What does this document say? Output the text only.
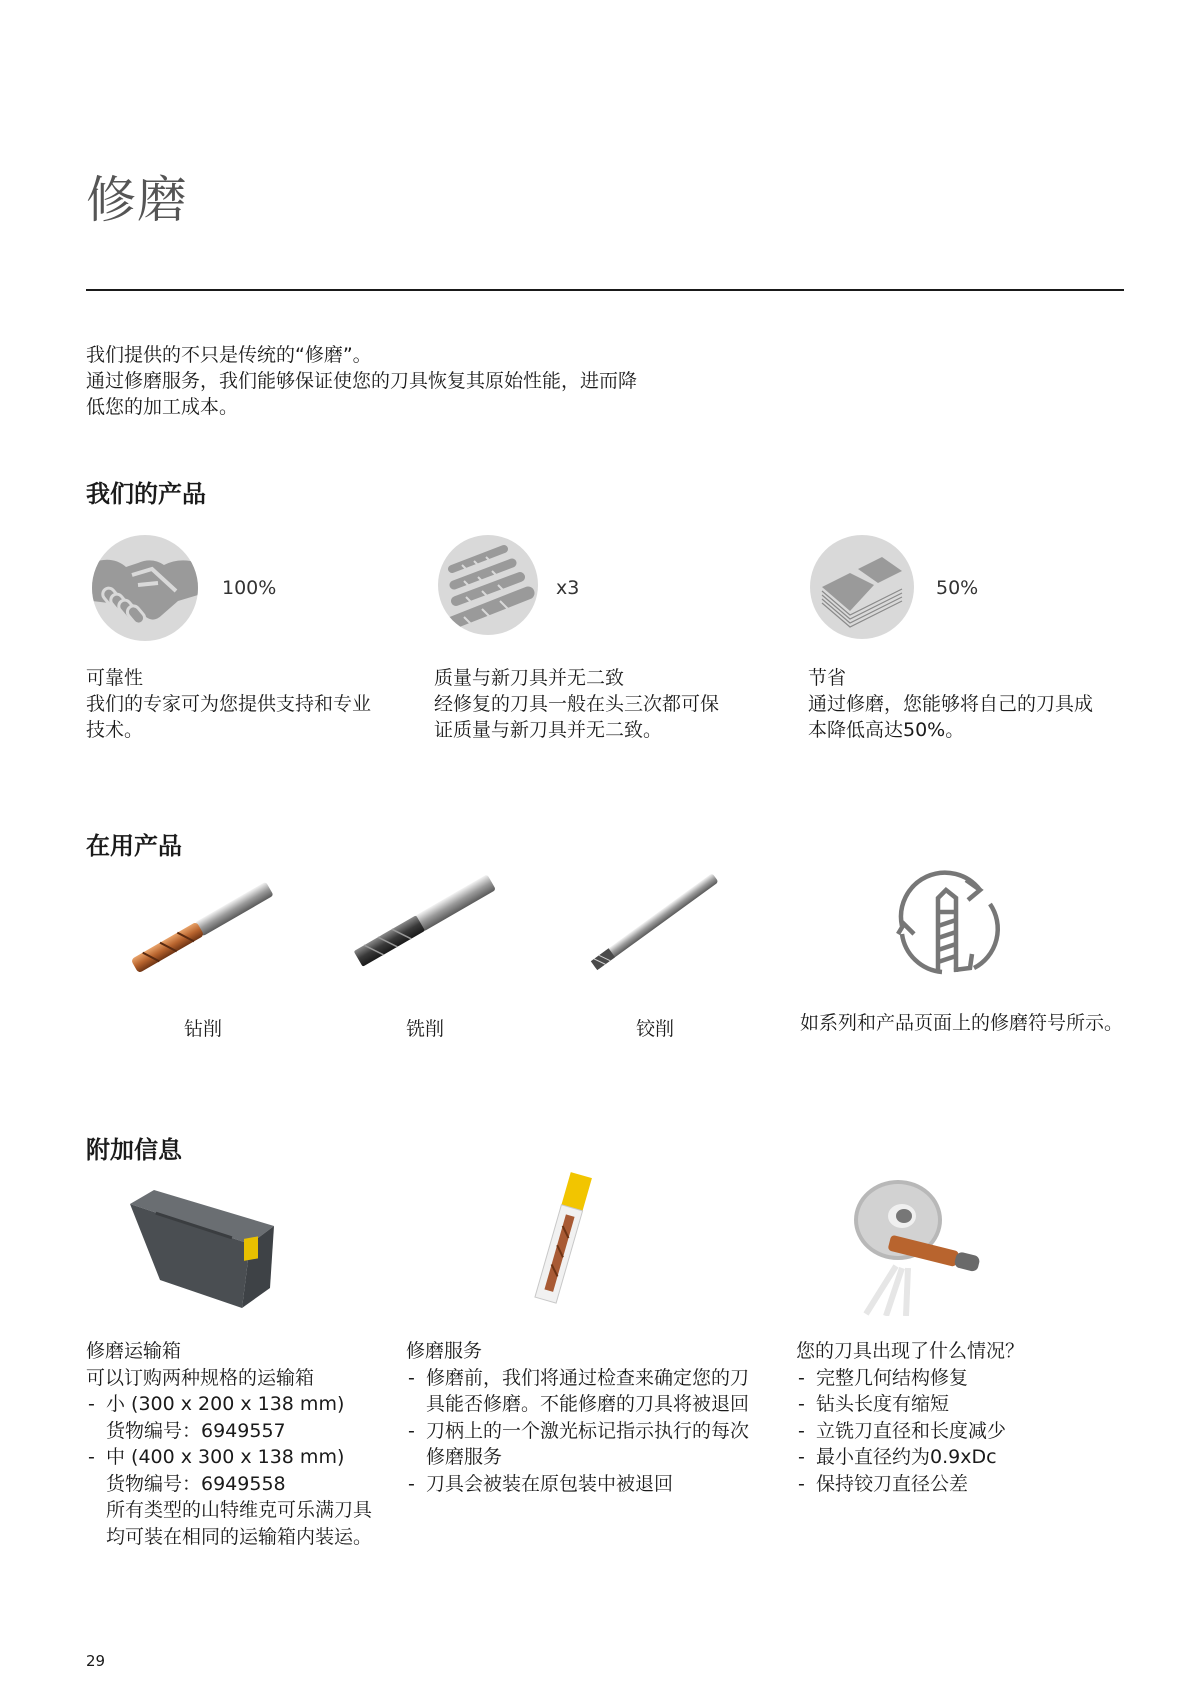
修磨
我们提供的不只是传统的“修磨”。
通过修磨服务，我们能够保证使您的刀具恢复其原始性能，进而降
低您的加工成本。
我们的产品
100%
可靠性
我们的专家可为您提供支持和专业
技术。
x3
质量与新刀具并无二致
经修复的刀具一般在头三次都可保
证质量与新刀具并无二致。
50%
节省
通过修磨，您能够将自己的刀具成
本降低高达50%。
在用产品
钻削	铣削	铰削	如系列和产品页面上的修磨符号所示。
附加信息
修磨运输箱
可以订购两种规格的运输箱
- 小 (300 x 200 x 138 mm)
货物编号：6949557
- 中 (400 x 300 x 138 mm)
货物编号：6949558
所有类型的山特维克可乐满刀具
均可装在相同的运输箱内装运。
修磨服务
- 修磨前，我们将通过检查来确定您的刀
具能否修磨。不能修磨的刀具将被退回
- 刀柄上的一个激光标记指示执行的每次
修磨服务
- 刀具会被装在原包装中被退回
您的刀具出现了什么情况？
- 完整几何结构修复
- 钻头长度有缩短
- 立铣刀直径和长度减少
- 最小直径约为0.9xDc
- 保持铰刀直径公差
29
